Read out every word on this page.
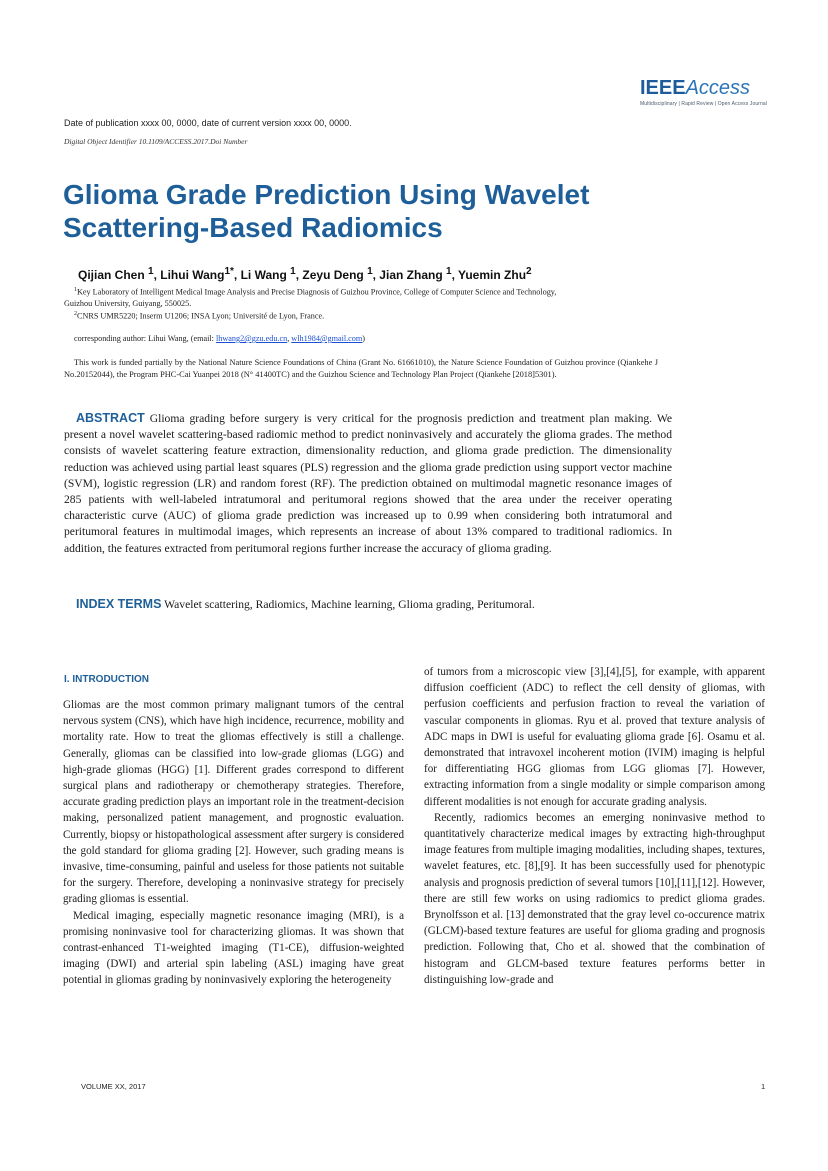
IEEEAccess
Multidisciplinary | Rapid Review | Open Access Journal
Date of publication xxxx 00, 0000, date of current version xxxx 00, 0000.
Digital Object Identifier 10.1109/ACCESS.2017.Doi Number
Glioma Grade Prediction Using Wavelet
Scattering-Based Radiomics
Qijian Chen $^1$, Lihui Wang$^{1*}$, Li Wang $^1$, Zeyu Deng $^1$, Jian Zhang $^1$, Yuemin Zhu$^2$
$^1$Key Laboratory of Intelligent Medical Image Analysis and Precise Diagnosis of Guizhou Province, College of Computer Science and Technology,
Guizhou University, Guiyang, 550025.
$^2$CNRS UMR5220; Inserm U1206; INSA Lyon; Université de Lyon, France.
corresponding author: Lihui Wang, (email: lhwang2@gzu.edu.cn, wlh1984@gmail.com)
This work is funded partially by the National Nature Science Foundations of China (Grant No. 61661010), the Nature Science Foundation of Guizhou province (Qiankehe J No.20152044), the Program PHC-Cai Yuanpei 2018 (N° 41400TC) and the Guizhou Science and Technology Plan Project (Qiankehe [2018]5301).
ABSTRACT Glioma grading before surgery is very critical for the prognosis prediction and treatment plan making. We present a novel wavelet scattering-based radiomic method to predict noninvasively and accurately the glioma grades. The method consists of wavelet scattering feature extraction, dimensionality reduction, and glioma grade prediction. The dimensionality reduction was achieved using partial least squares (PLS) regression and the glioma grade prediction using support vector machine (SVM), logistic regression (LR) and random forest (RF). The prediction obtained on multimodal magnetic resonance images of 285 patients with well-labeled intratumoral and peritumoral regions showed that the area under the receiver operating characteristic curve (AUC) of glioma grade prediction was increased up to 0.99 when considering both intratumoral and peritumoral features in multimodal images, which represents an increase of about 13% compared to traditional radiomics. In addition, the features extracted from peritumoral regions further increase the accuracy of glioma grading.
INDEX TERMS Wavelet scattering, Radiomics, Machine learning, Glioma grading, Peritumoral.
I. INTRODUCTION

Gliomas are the most common primary malignant tumors of the central nervous system (CNS), which have high incidence, recurrence, mobility and mortality rate. How to treat the gliomas effectively is still a challenge. Generally, gliomas can be classified into low-grade gliomas (LGG) and high-grade gliomas (HGG) [1]. Different grades correspond to different surgical plans and radiotherapy or chemotherapy strategies. Therefore, accurate grading prediction plays an important role in the treatment-decision making, personalized patient management, and prognostic evaluation. Currently, biopsy or histopathological assessment after surgery is considered the gold standard for glioma grading [2]. However, such grading means is invasive, time-consuming, painful and useless for those patients not suitable for the surgery. Therefore, developing a noninvasive strategy for precisely grading gliomas is essential.

Medical imaging, especially magnetic resonance imaging (MRI), is a promising noninvasive tool for characterizing gliomas. It was shown that contrast-enhanced T1-weighted imaging (T1-CE), diffusion-weighted imaging (DWI) and arterial spin labeling (ASL) imaging have great potential in gliomas grading by noninvasively exploring the heterogeneity

of tumors from a microscopic view [3],[4],[5], for example, with apparent diffusion coefficient (ADC) to reflect the cell density of gliomas, with perfusion coefficients and perfusion fraction to reveal the variation of vascular components in gliomas. Ryu et al. proved that texture analysis of ADC maps in DWI is useful for evaluating glioma grade [6]. Osamu et al. demonstrated that intravoxel incoherent motion (IVIM) imaging is helpful for differentiating HGG gliomas from LGG gliomas [7]. However, extracting information from a single modality or simple comparison among different modalities is not enough for accurate grading analysis.

Recently, radiomics becomes an emerging noninvasive method to quantitatively characterize medical images by extracting high-throughput image features from multiple imaging modalities, including shapes, textures, wavelet features, etc. [8],[9]. It has been successfully used for phenotypic analysis and prognosis prediction of several tumors [10],[11],[12]. However, there are still few works on using radiomics to predict glioma grades. Brynolfsson et al. [13] demonstrated that the gray level co-occurence matrix (GLCM)-based texture features are useful for glioma grading and prognosis prediction. Following that, Cho et al. showed that the combination of histogram and GLCM-based texture features performs better in distinguishing low-grade and

VOLUME XX, 2017	1
